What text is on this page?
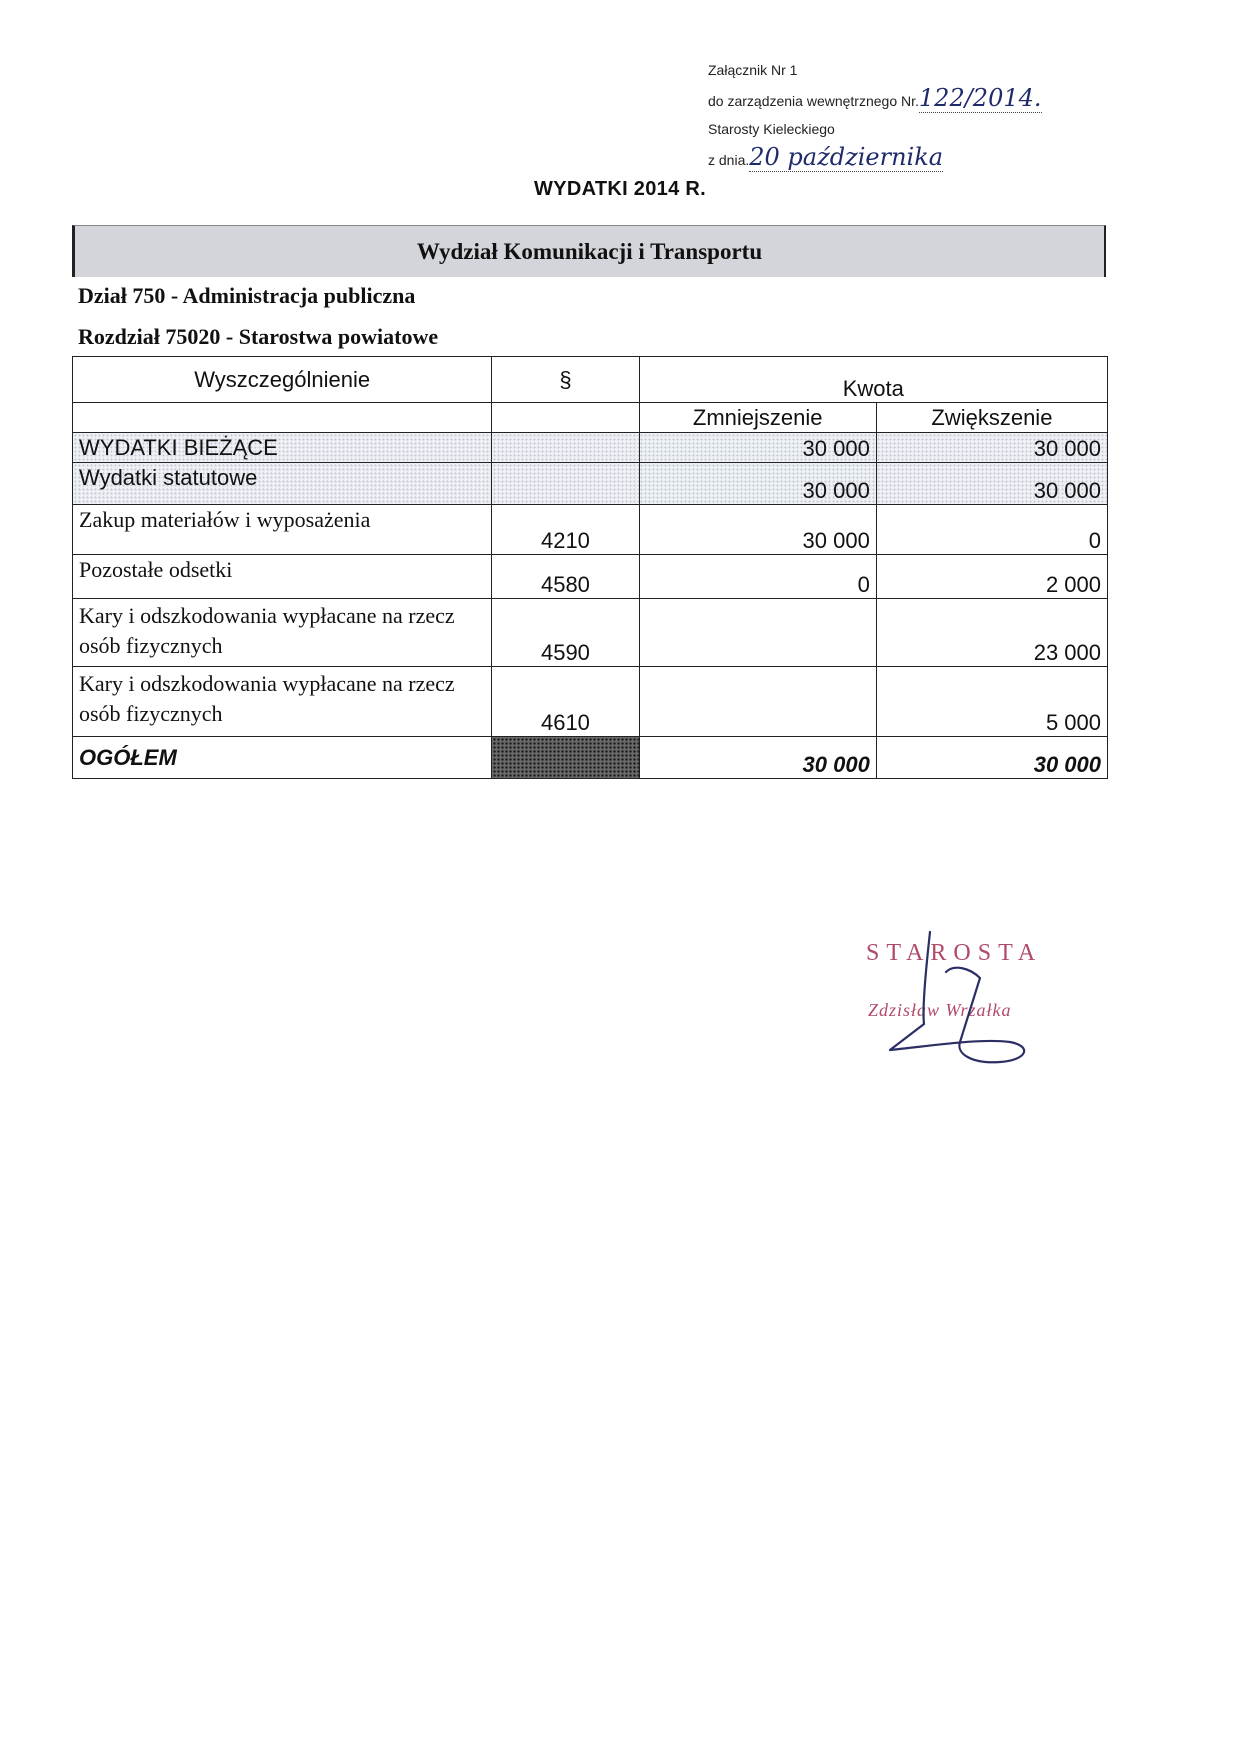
Załącznik Nr 1
do zarządzenia wewnętrznego Nr.122/2014.
Starosty Kieleckiego
z dnia.20 października
WYDATKI 2014 R.
Wydział Komunikacji i Transportu
Dział 750 - Administracja publiczna
Rozdział 75020 - Starostwa powiatowe
Wyszczególnienie	§	Kwota	
		Zmniejszenie	Zwiększenie
WYDATKI BIEŻĄCE		30 000	30 000
Wydatki statutowe		30 000	30 000
Zakup materiałów i wyposażenia	4210	30 000	0
Pozostałe odsetki	4580	0	2 000
Kary i odszkodowania wypłacane na rzecz osób fizycznych	4590		23 000
Kary i odszkodowania wypłacane na rzecz osób fizycznych	4610		5 000
OGÓŁEM		30 000	30 000
STAROSTA
Zdzisław Wrzałka
